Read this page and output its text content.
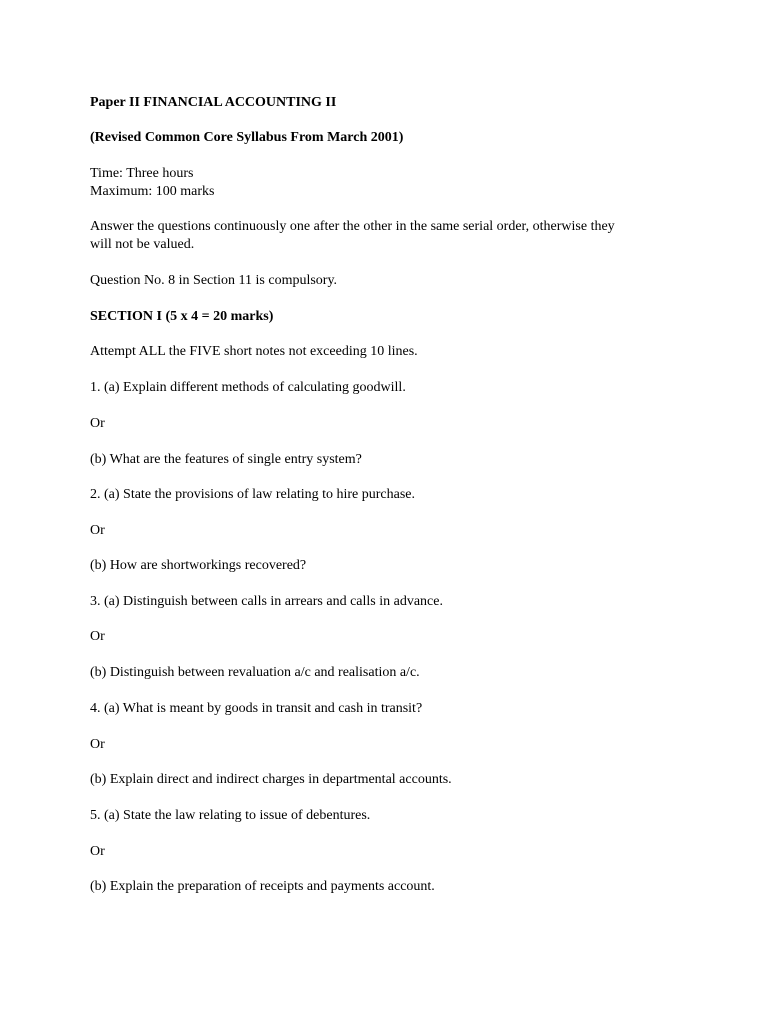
Paper II FINANCIAL ACCOUNTING II
(Revised Common Core Syllabus From March 2001)
Time: Three hours
Maximum: 100 marks
Answer the questions continuously one after the other in the same serial order, otherwise they
will not be valued.
Question No. 8 in Section 11 is compulsory.
SECTION I (5 x 4 = 20 marks)
Attempt ALL the FIVE short notes not exceeding 10 lines.
1. (a) Explain different methods of calculating goodwill.
Or
(b) What are the features of single entry system?
2. (a) State the provisions of law relating to hire purchase.
Or
(b) How are shortworkings recovered?
3. (a) Distinguish between calls in arrears and calls in advance.
Or
(b) Distinguish between revaluation a/c and realisation a/c.
4. (a) What is meant by goods in transit and cash in transit?
Or
(b) Explain direct and indirect charges in departmental accounts.
5. (a) State the law relating to issue of debentures.
Or
(b) Explain the preparation of receipts and payments account.
